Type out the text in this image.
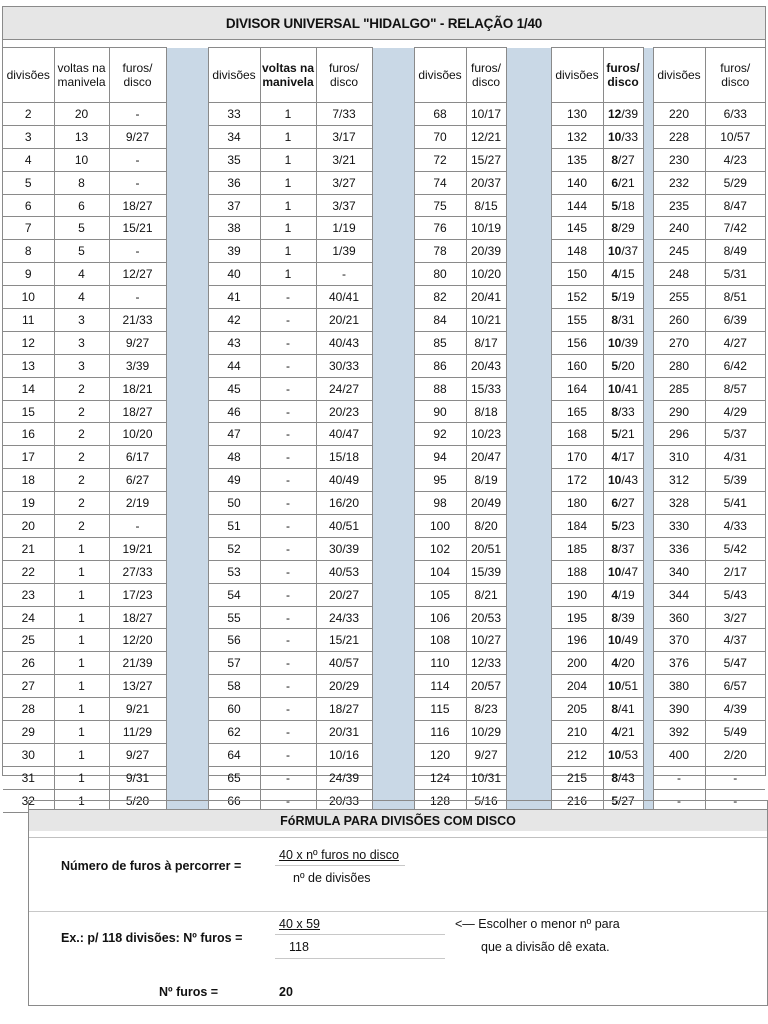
DIVISOR UNIVERSAL "HIDALGO" - RELAÇÃO 1/40
divisões	voltas na manivela	furos/ disco		divisões	voltas na manivela	furos/ disco		divisões	furos/ disco		divisões	furos/ disco		divisões	furos/ disco
2	20	-		33	1	7/33		68	10/17		130	12/39		220	6/33
3	13	9/27		34	1	3/17		70	12/21		132	10/33		228	10/57
4	10	-		35	1	3/21		72	15/27		135	8/27		230	4/23
5	8	-		36	1	3/27		74	20/37		140	6/21		232	5/29
6	6	18/27		37	1	3/37		75	8/15		144	5/18		235	8/47
7	5	15/21		38	1	1/19		76	10/19		145	8/29		240	7/42
8	5	-		39	1	1/39		78	20/39		148	10/37		245	8/49
9	4	12/27		40	1	-		80	10/20		150	4/15		248	5/31
10	4	-		41	-	40/41		82	20/41		152	5/19		255	8/51
11	3	21/33		42	-	20/21		84	10/21		155	8/31		260	6/39
12	3	9/27		43	-	40/43		85	8/17		156	10/39		270	4/27
13	3	3/39		44	-	30/33		86	20/43		160	5/20		280	6/42
14	2	18/21		45	-	24/27		88	15/33		164	10/41		285	8/57
15	2	18/27		46	-	20/23		90	8/18		165	8/33		290	4/29
16	2	10/20		47	-	40/47		92	10/23		168	5/21		296	5/37
17	2	6/17		48	-	15/18		94	20/47		170	4/17		310	4/31
18	2	6/27		49	-	40/49		95	8/19		172	10/43		312	5/39
19	2	2/19		50	-	16/20		98	20/49		180	6/27		328	5/41
20	2	-		51	-	40/51		100	8/20		184	5/23		330	4/33
21	1	19/21		52	-	30/39		102	20/51		185	8/37		336	5/42
22	1	27/33		53	-	40/53		104	15/39		188	10/47		340	2/17
23	1	17/23		54	-	20/27		105	8/21		190	4/19		344	5/43
24	1	18/27		55	-	24/33		106	20/53		195	8/39		360	3/27
25	1	12/20		56	-	15/21		108	10/27		196	10/49		370	4/37
26	1	21/39		57	-	40/57		110	12/33		200	4/20		376	5/47
27	1	13/27		58	-	20/29		114	20/57		204	10/51		380	6/57
28	1	9/21		60	-	18/27		115	8/23		205	8/41		390	4/39
29	1	11/29		62	-	20/31		116	10/29		210	4/21		392	5/49
30	1	9/27		64	-	10/16		120	9/27		212	10/53		400	2/20
31	1	9/31		65	-	24/39		124	10/31		215	8/43		-	-
32	1	5/20		66	-	20/33		128	5/16		216	5/27		-	-
FóRMULA PARA DIVISÕES COM DISCO
Número de furos à percorrer =
40 x nº furos no disco
nº de divisões
Ex.: p/ 118 divisões: Nº furos =
40 x 59
118
<— Escolher o menor nº para
que a divisão dê exata.
Nº furos =	20
